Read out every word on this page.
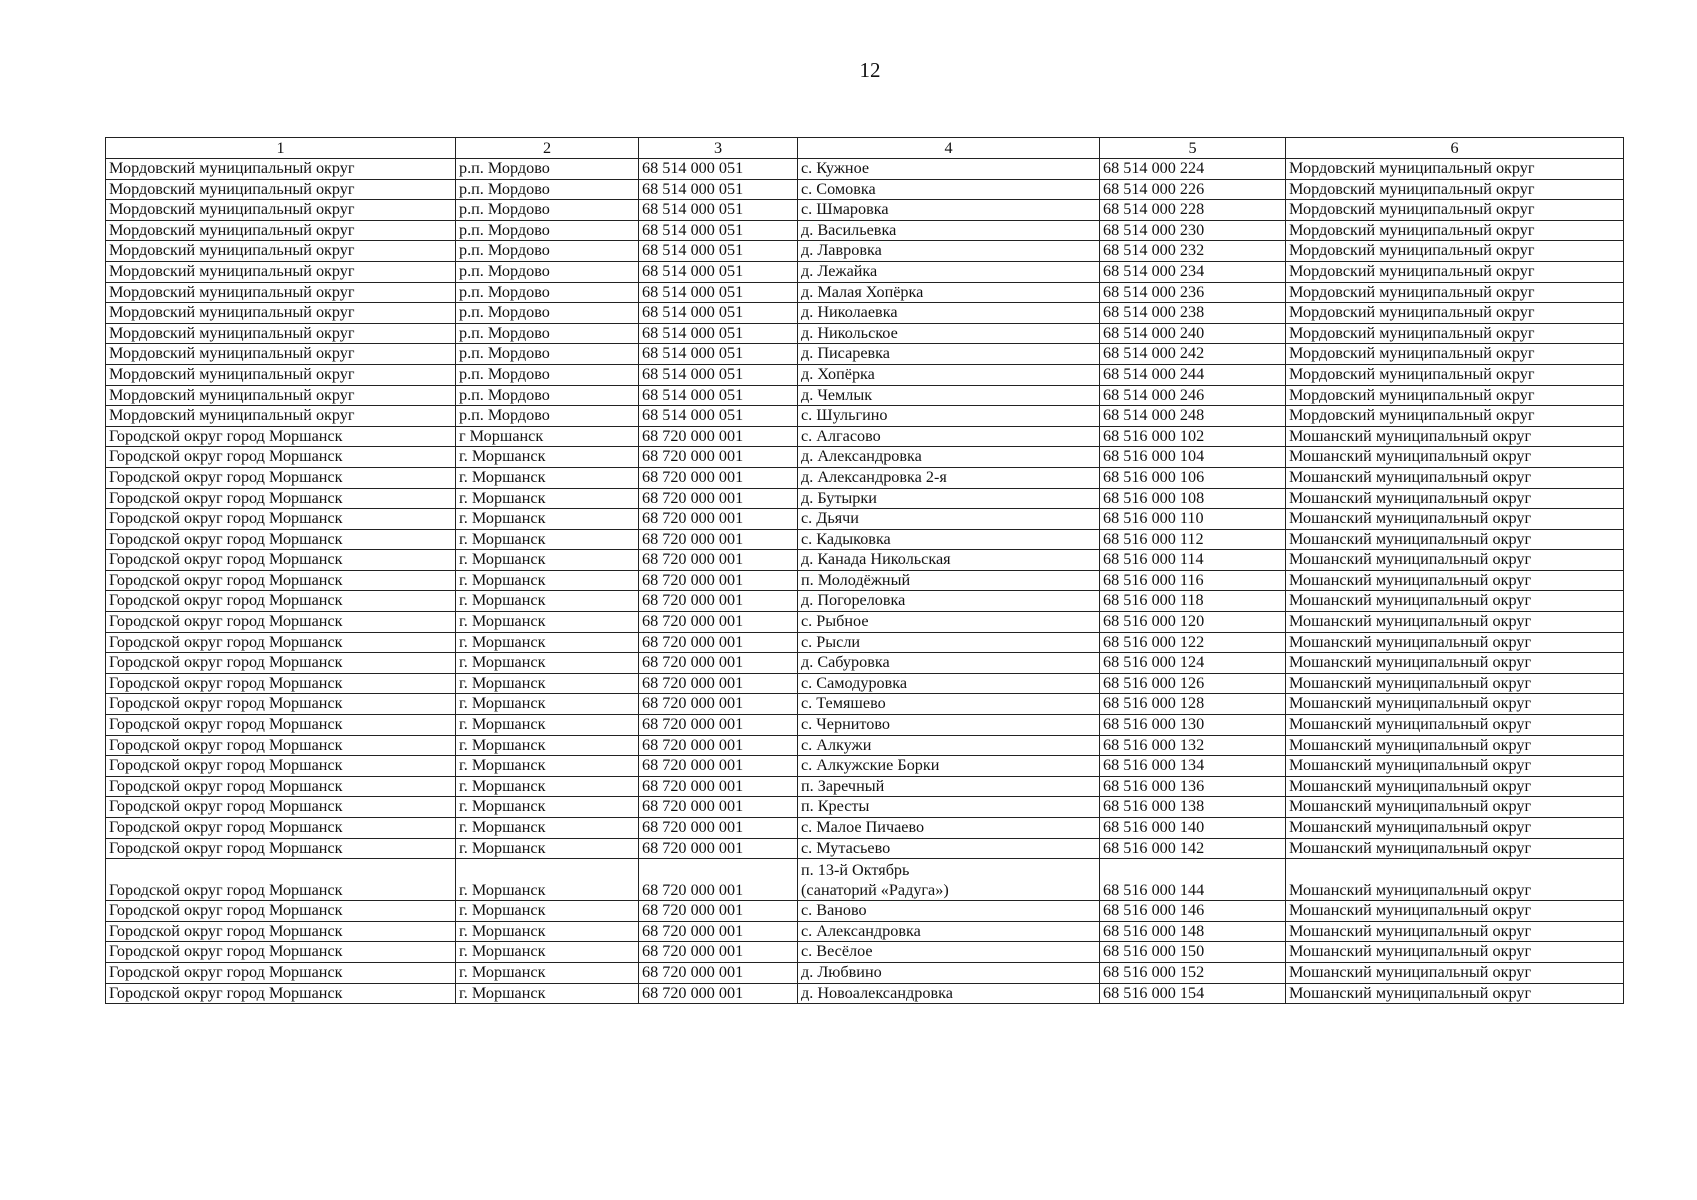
12
1	2	3	4	5	6
Мордовский муниципальный округ	р.п. Мордово	68 514 000 051	с. Кужное	68 514 000 224	Мордовский муниципальный округ
Мордовский муниципальный округ	р.п. Мордово	68 514 000 051	с. Сомовка	68 514 000 226	Мордовский муниципальный округ
Мордовский муниципальный округ	р.п. Мордово	68 514 000 051	с. Шмаровка	68 514 000 228	Мордовский муниципальный округ
Мордовский муниципальный округ	р.п. Мордово	68 514 000 051	д. Васильевка	68 514 000 230	Мордовский муниципальный округ
Мордовский муниципальный округ	р.п. Мордово	68 514 000 051	д. Лавровка	68 514 000 232	Мордовский муниципальный округ
Мордовский муниципальный округ	р.п. Мордово	68 514 000 051	д. Лежайка	68 514 000 234	Мордовский муниципальный округ
Мордовский муниципальный округ	р.п. Мордово	68 514 000 051	д. Малая Хопёрка	68 514 000 236	Мордовский муниципальный округ
Мордовский муниципальный округ	р.п. Мордово	68 514 000 051	д. Николаевка	68 514 000 238	Мордовский муниципальный округ
Мордовский муниципальный округ	р.п. Мордово	68 514 000 051	д. Никольское	68 514 000 240	Мордовский муниципальный округ
Мордовский муниципальный округ	р.п. Мордово	68 514 000 051	д. Писаревка	68 514 000 242	Мордовский муниципальный округ
Мордовский муниципальный округ	р.п. Мордово	68 514 000 051	д. Хопёрка	68 514 000 244	Мордовский муниципальный округ
Мордовский муниципальный округ	р.п. Мордово	68 514 000 051	д. Чемлык	68 514 000 246	Мордовский муниципальный округ
Мордовский муниципальный округ	р.п. Мордово	68 514 000 051	с. Шульгино	68 514 000 248	Мордовский муниципальный округ
Городской округ город Моршанск	г Моршанск	68 720 000 001	с. Алгасово	68 516 000 102	Мошанский муниципальный округ
Городской округ город Моршанск	г. Моршанск	68 720 000 001	д. Александровка	68 516 000 104	Мошанский муниципальный округ
Городской округ город Моршанск	г. Моршанск	68 720 000 001	д. Александровка 2-я	68 516 000 106	Мошанский муниципальный округ
Городской округ город Моршанск	г. Моршанск	68 720 000 001	д. Бутырки	68 516 000 108	Мошанский муниципальный округ
Городской округ город Моршанск	г. Моршанск	68 720 000 001	с. Дьячи	68 516 000 110	Мошанский муниципальный округ
Городской округ город Моршанск	г. Моршанск	68 720 000 001	с. Кадыковка	68 516 000 112	Мошанский муниципальный округ
Городской округ город Моршанск	г. Моршанск	68 720 000 001	д. Канада Никольская	68 516 000 114	Мошанский муниципальный округ
Городской округ город Моршанск	г. Моршанск	68 720 000 001	п. Молодёжный	68 516 000 116	Мошанский муниципальный округ
Городской округ город Моршанск	г. Моршанск	68 720 000 001	д. Погореловка	68 516 000 118	Мошанский муниципальный округ
Городской округ город Моршанск	г. Моршанск	68 720 000 001	с. Рыбное	68 516 000 120	Мошанский муниципальный округ
Городской округ город Моршанск	г. Моршанск	68 720 000 001	с. Рысли	68 516 000 122	Мошанский муниципальный округ
Городской округ город Моршанск	г. Моршанск	68 720 000 001	д. Сабуровка	68 516 000 124	Мошанский муниципальный округ
Городской округ город Моршанск	г. Моршанск	68 720 000 001	с. Самодуровка	68 516 000 126	Мошанский муниципальный округ
Городской округ город Моршанск	г. Моршанск	68 720 000 001	с. Темяшево	68 516 000 128	Мошанский муниципальный округ
Городской округ город Моршанск	г. Моршанск	68 720 000 001	с. Чернитово	68 516 000 130	Мошанский муниципальный округ
Городской округ город Моршанск	г. Моршанск	68 720 000 001	с. Алкужи	68 516 000 132	Мошанский муниципальный округ
Городской округ город Моршанск	г. Моршанск	68 720 000 001	с. Алкужские Борки	68 516 000 134	Мошанский муниципальный округ
Городской округ город Моршанск	г. Моршанск	68 720 000 001	п. Заречный	68 516 000 136	Мошанский муниципальный округ
Городской округ город Моршанск	г. Моршанск	68 720 000 001	п. Кресты	68 516 000 138	Мошанский муниципальный округ
Городской округ город Моршанск	г. Моршанск	68 720 000 001	с. Малое Пичаево	68 516 000 140	Мошанский муниципальный округ
Городской округ город Моршанск	г. Моршанск	68 720 000 001	с. Мутасьево	68 516 000 142	Мошанский муниципальный округ
Городской округ город Моршанск	г. Моршанск	68 720 000 001	п. 13-й Октябрь
(санаторий «Радуга»)	68 516 000 144	Мошанский муниципальный округ
Городской округ город Моршанск	г. Моршанск	68 720 000 001	с. Ваново	68 516 000 146	Мошанский муниципальный округ
Городской округ город Моршанск	г. Моршанск	68 720 000 001	с. Александровка	68 516 000 148	Мошанский муниципальный округ
Городской округ город Моршанск	г. Моршанск	68 720 000 001	с. Весёлое	68 516 000 150	Мошанский муниципальный округ
Городской округ город Моршанск	г. Моршанск	68 720 000 001	д. Любвино	68 516 000 152	Мошанский муниципальный округ
Городской округ город Моршанск	г. Моршанск	68 720 000 001	д. Новоалександровка	68 516 000 154	Мошанский муниципальный округ
